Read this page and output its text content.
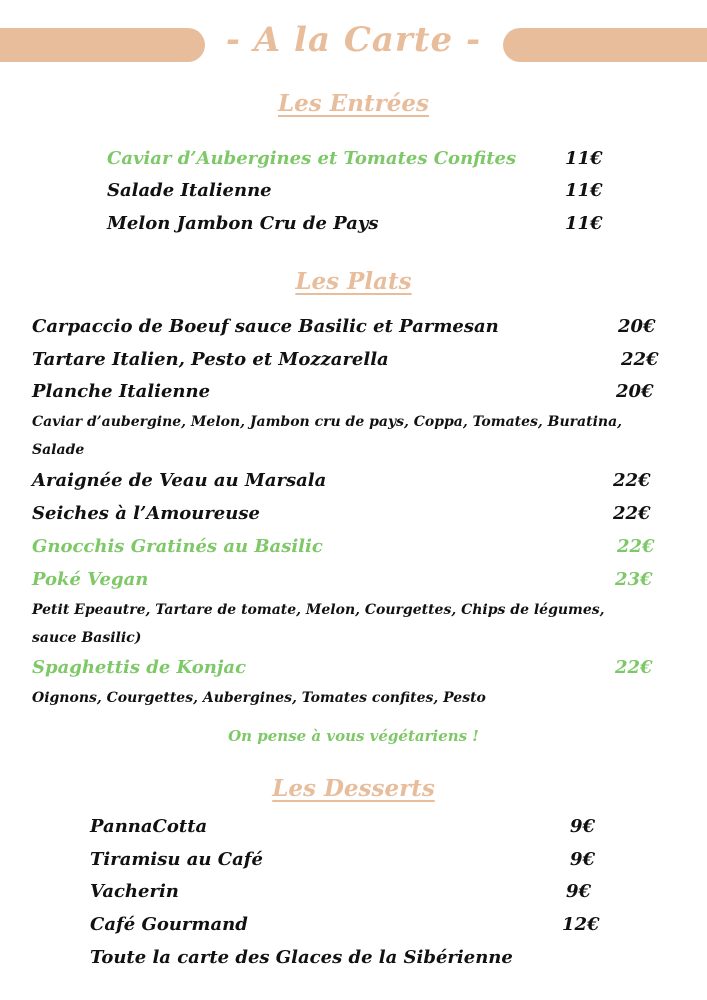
- A la Carte -
Les Entrées
Caviar d’Aubergines et Tomates Confites	11€
Salade Italienne	11€
Melon Jambon Cru de Pays	11€
Les Plats
Carpaccio de Boeuf sauce Basilic et Parmesan	20€
Tartare Italien, Pesto et Mozzarella	22€
Planche Italienne	20€
Caviar d’aubergine, Melon, Jambon cru de pays, Coppa, Tomates, Buratina,
Salade
Araignée de Veau au Marsala	22€
Seiches à l’Amoureuse	22€
Gnocchis Gratinés au Basilic	22€
Poké Vegan	23€
Petit Epeautre, Tartare de tomate, Melon, Courgettes, Chips de légumes,
sauce Basilic)
Spaghettis de Konjac	22€
Oignons, Courgettes, Aubergines, Tomates confites, Pesto
On pense à vous végétariens !
Les Desserts
PannaCotta	9€
Tiramisu au Café	9€
Vacherin	9€
Café Gourmand	12€
Toute la carte des Glaces de la Sibérienne
